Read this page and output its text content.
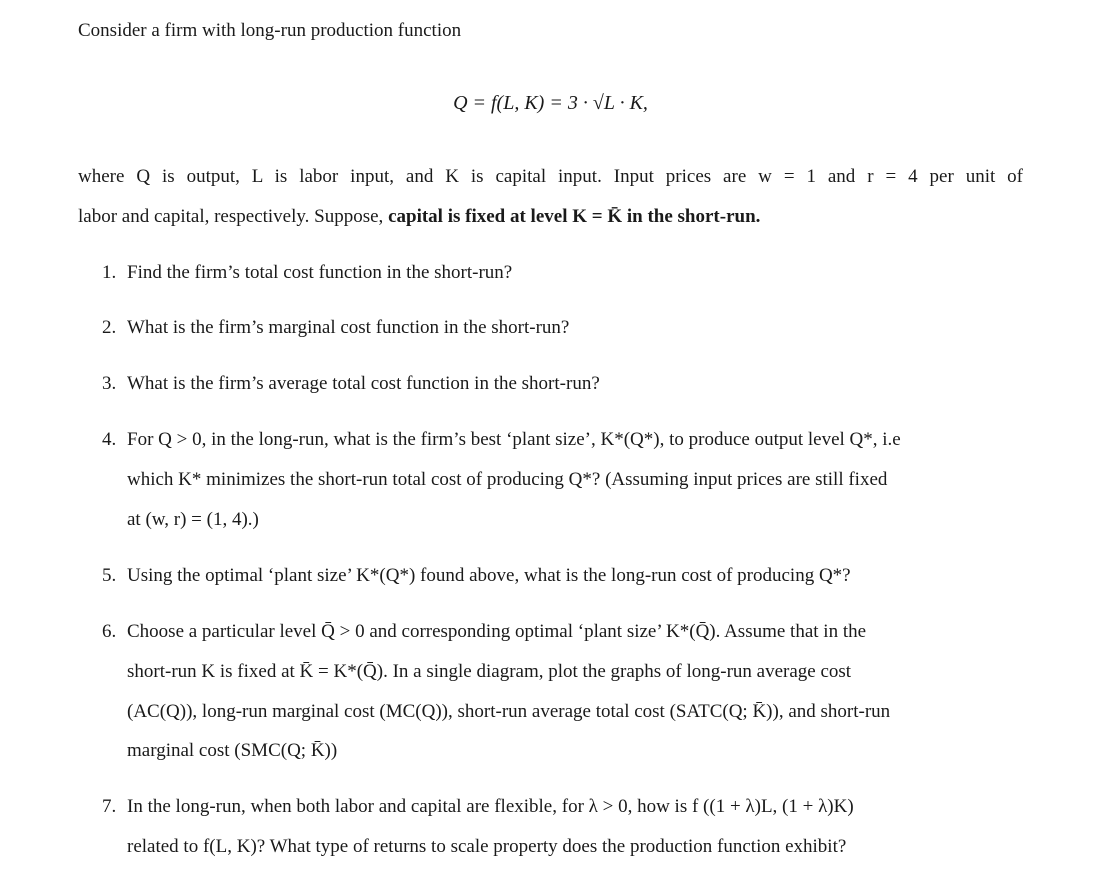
Consider a firm with long-run production function
Q = f(L, K) = 3 · √L · K,
where Q is output, L is labor input, and K is capital input. Input prices are w = 1 and r = 4 per unit of
labor and capital, respectively. Suppose, capital is fixed at level K = K̄ in the short-run.
1. Find the firm’s total cost function in the short-run?
2. What is the firm’s marginal cost function in the short-run?
3. What is the firm’s average total cost function in the short-run?
4. For Q > 0, in the long-run, what is the firm’s best ‘plant size’, K*(Q*), to produce output level Q*, i.e
which K* minimizes the short-run total cost of producing Q*? (Assuming input prices are still fixed
at (w, r) = (1, 4).)
5. Using the optimal ‘plant size’ K*(Q*) found above, what is the long-run cost of producing Q*?
6. Choose a particular level Q̄ > 0 and corresponding optimal ‘plant size’ K*(Q̄). Assume that in the
short-run K is fixed at K̄ = K*(Q̄). In a single diagram, plot the graphs of long-run average cost
(AC(Q)), long-run marginal cost (MC(Q)), short-run average total cost (SATC(Q; K̄)), and short-run
marginal cost (SMC(Q; K̄))
7. In the long-run, when both labor and capital are flexible, for λ > 0, how is f ((1 + λ)L, (1 + λ)K)
related to f(L, K)? What type of returns to scale property does the production function exhibit?
